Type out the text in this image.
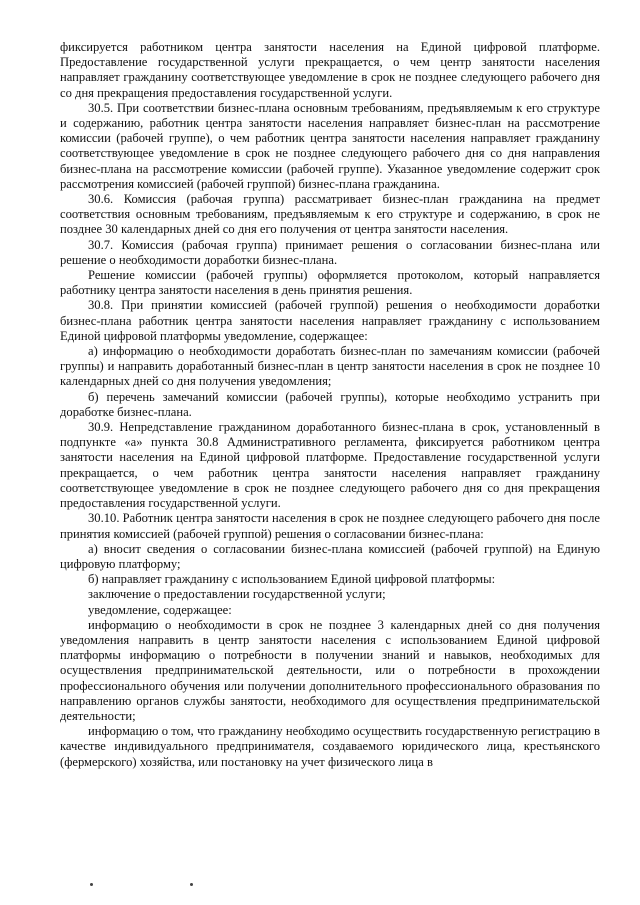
фиксируется работником центра занятости населения на Единой цифровой платформе. Предоставление государственной услуги прекращается, о чем центр занятости населения направляет гражданину соответствующее уведомление в срок не позднее следующего рабочего дня со дня прекращения предоставления государственной услуги.

30.5. При соответствии бизнес-плана основным требованиям, предъявляемым к его структуре и содержанию, работник центра занятости населения направляет бизнес-план на рассмотрение комиссии (рабочей группе), о чем работник центра занятости населения направляет гражданину соответствующее уведомление в срок не позднее следующего рабочего дня со дня направления бизнес-плана на рассмотрение комиссии (рабочей группе). Указанное уведомление содержит срок рассмотрения комиссией (рабочей группой) бизнес-плана гражданина.

30.6. Комиссия (рабочая группа) рассматривает бизнес-план гражданина на предмет соответствия основным требованиям, предъявляемым к его структуре и содержанию, в срок не позднее 30 календарных дней со дня его получения от центра занятости населения.

30.7. Комиссия (рабочая группа) принимает решения о согласовании бизнес-плана или решение о необходимости доработки бизнес-плана.

Решение комиссии (рабочей группы) оформляется протоколом, который направляется работнику центра занятости населения в день принятия решения.

30.8. При принятии комиссией (рабочей группой) решения о необходимости доработки бизнес-плана работник центра занятости населения направляет гражданину с использованием Единой цифровой платформы уведомление, содержащее:

а) информацию о необходимости доработать бизнес-план по замечаниям комиссии (рабочей группы) и направить доработанный бизнес-план в центр занятости населения в срок не позднее 10 календарных дней со дня получения уведомления;

б) перечень замечаний комиссии (рабочей группы), которые необходимо устранить при доработке бизнес-плана.

30.9. Непредставление гражданином доработанного бизнес-плана в срок, установленный в подпункте «а» пункта 30.8 Административного регламента, фиксируется работником центра занятости населения на Единой цифровой платформе. Предоставление государственной услуги прекращается, о чем работник центра занятости населения направляет гражданину соответствующее уведомление в срок не позднее следующего рабочего дня со дня прекращения предоставления государственной услуги.

30.10. Работник центра занятости населения в срок не позднее следующего рабочего дня после принятия комиссией (рабочей группой) решения о согласовании бизнес-плана:

а) вносит сведения о согласовании бизнес-плана комиссией (рабочей группой) на Единую цифровую платформу;

б) направляет гражданину с использованием Единой цифровой платформы:

заключение о предоставлении государственной услуги;

уведомление, содержащее:

информацию о необходимости в срок не позднее 3 календарных дней со дня получения уведомления направить в центр занятости населения с использованием Единой цифровой платформы информацию о потребности в получении знаний и навыков, необходимых для осуществления предпринимательской деятельности, или о потребности в прохождении профессионального обучения или получении дополнительного профессионального образования по направлению органов службы занятости, необходимого для осуществления предпринимательской деятельности;

информацию о том, что гражданину необходимо осуществить государственную регистрацию в качестве индивидуального предпринимателя, создаваемого юридического лица, крестьянского (фермерского) хозяйства, или постановку на учет физического лица в
